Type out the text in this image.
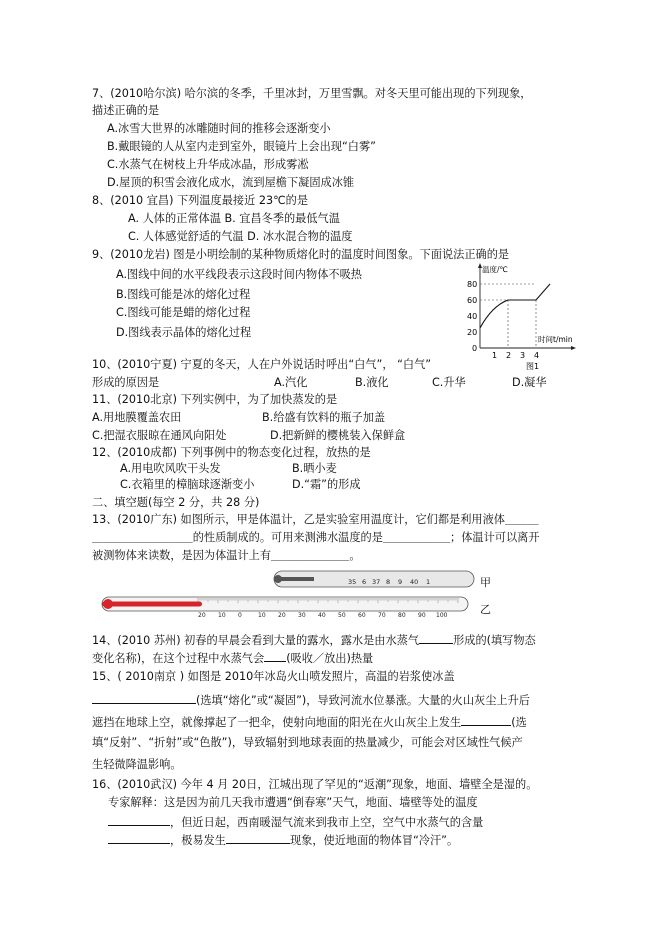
7、(2010哈尔滨) 哈尔滨的冬季，千里冰封，万里雪飘。对冬天里可能出现的下列现象，
描述正确的是
A.冰雪大世界的冰雕随时间的推移会逐渐变小
B.戴眼镜的人从室内走到室外，眼镜片上会出现“白雾”
C.水蒸气在树枝上升华成冰晶，形成雾凇
D.屋顶的积雪会液化成水，流到屋檐下凝固成冰锥
8、(2010 宜昌) 下列温度最接近 23℃的是
A. 人体的正常体温 B. 宜昌冬季的最低气温
C. 人体感觉舒适的气温 D. 冰水混合物的温度
9、(2010龙岩) 图是小明绘制的某种物质熔化时的温度时间图象。下面说法正确的是
A.图线中间的水平线段表示这段时间内物体不吸热
B.图线可能是冰的熔化过程
C.图线可能是蜡的熔化过程
D.图线表示晶体的熔化过程
温度/℃
时间t/min
80
60
40
20
0
1 2 3 4
图1
10、(2010宁夏) 宁夏的冬天，人在户外说话时呼出“白气”， “白气”
形成的原因是	A.汽化	B.液化	C.升华	D.凝华
11、(2010北京) 下列实例中，为了加快蒸发的是
A.用地膜覆盖农田	B.给盛有饮料的瓶子加盖
C.把湿衣服晾在通风向阳处	D.把新鲜的樱桃装入保鲜盒
12、(2010成都) 下列事例中的物态变化过程，放热的是
A.用电吹风吹干头发	B.晒小麦
C.衣箱里的樟脑球逐渐变小	D.“霜”的形成
二、填空题(每空 2 分，共 28 分)
13、(2010广东) 如图所示，甲是体温计，乙是实验室用温度计，它们都是利用液体＿＿＿
＿＿＿＿＿＿＿＿＿的性质制成的。可用来测沸水温度的是＿＿＿＿＿＿；体温计可以离开
被测物体来读数，是因为体温计上有＿＿＿＿＿＿＿。
35 6 37 8 9 40 1
20 10 0	10 20 30 40 50 60 70 80 90 100
甲
乙
14、(2010 苏州) 初春的早晨会看到大量的露水，露水是由水蒸气	形成的(填写物态
变化名称)，在这个过程中水蒸气会 (吸收／放出)热量
15、( 2010南京 ) 如图是 2010年冰岛火山喷发照片，高温的岩浆使冰盖
(选填“熔化”或“凝固”)，导致河流水位暴涨。大量的火山灰尘上升后
遮挡在地球上空，就像撑起了一把伞，使射向地面的阳光在火山灰尘上发生	(选
填“反射”、“折射”或“色散”)，导致辐射到地球表面的热量减少，可能会对区域性气候产
生轻微降温影响。
16、(2010武汉) 今年 4 月 20日，江城出现了罕见的“返潮”现象，地面、墙壁全是湿的。
专家解释：这是因为前几天我市遭遇“倒春寒”天气，地面、墙壁等处的温度
，但近日起，西南暖湿气流来到我市上空，空气中水蒸气的含量
，极易发生	现象，使近地面的物体冒“冷汗”。
